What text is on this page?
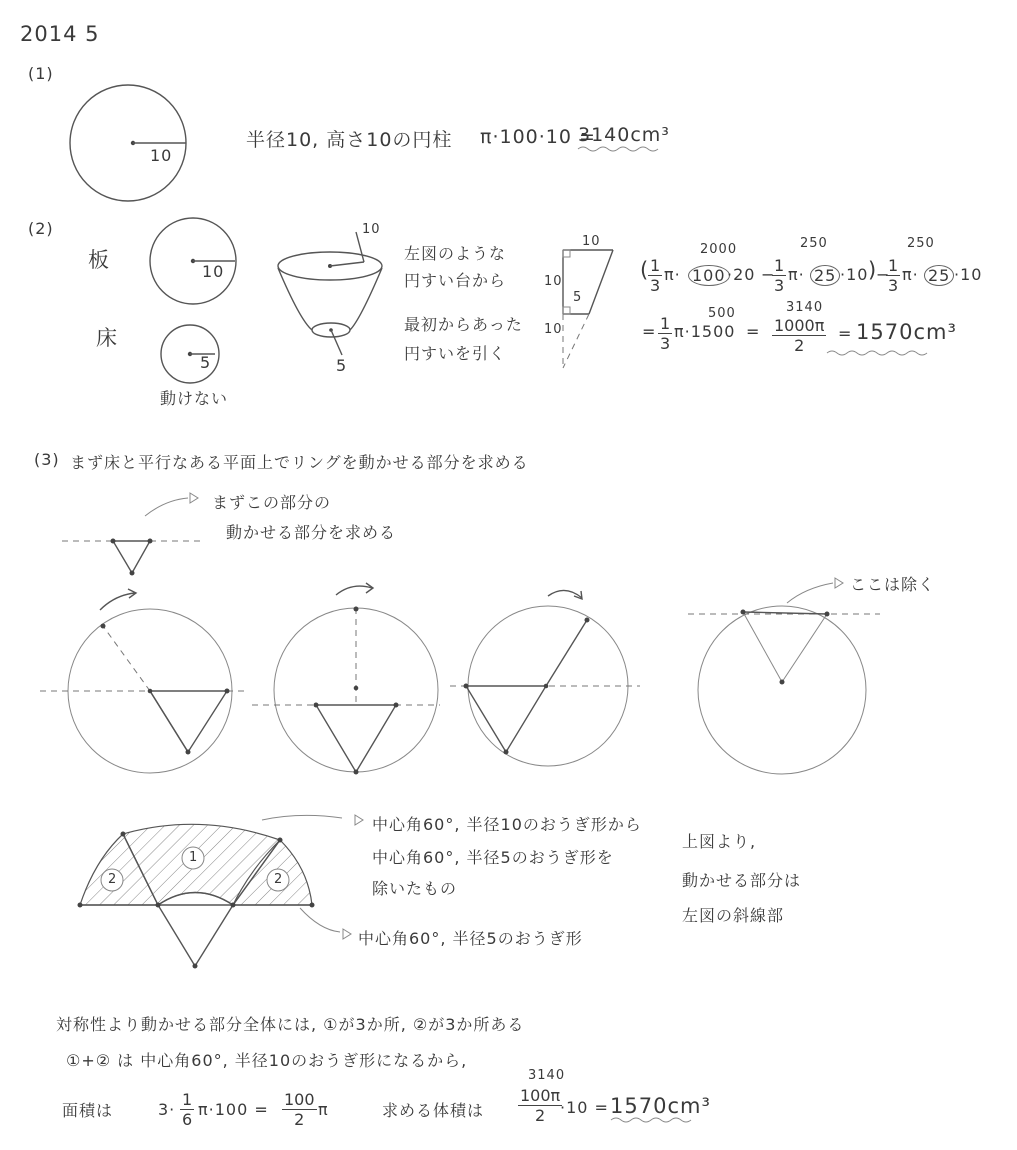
2014 5
(1)
10
半径10, 高さ10の円柱 π·100·10 =
3140cm³
(2)
板
床
10
5
動けない
10
5
左図のような
円すい台から
最初からあった
円すいを引く
10
10
5
10
2000	250	250
(
$\frac{1}{3} \pi\cdot 100 \cdot 20$ −
$\frac{1}{3} \pi\cdot 25 \cdot 10$ )
−
$\frac{1}{3} \pi\cdot 25 \cdot 10$
= $\frac{1}{3}$
500
π·1500 =
3140
$\frac{1000\pi}{2} = 1570cm^3$
(3) まず床と平行なある平面上でリングを動かせる部分を求める
まずこの部分の
動かせる部分を求める
ここは除く
中心角60°, 半径10のおうぎ形から
中心角60°, 半径5のおうぎ形を
除いたもの
中心角60°, 半径5のおうぎ形
1
2	2
上図より,
動かせる部分は
左図の斜線部
対称性より動かせる部分全体には, ①が3か所, ②が3か所ある
①+② は 中心角60°, 半径10のおうぎ形になるから,
面積は	$3\cdot \frac{1}{6} \pi\cdot 100 = \frac{100}{2}$ π	求める体積は
3140
$\frac{100\pi}{2}$
·10 = 1570cm³
